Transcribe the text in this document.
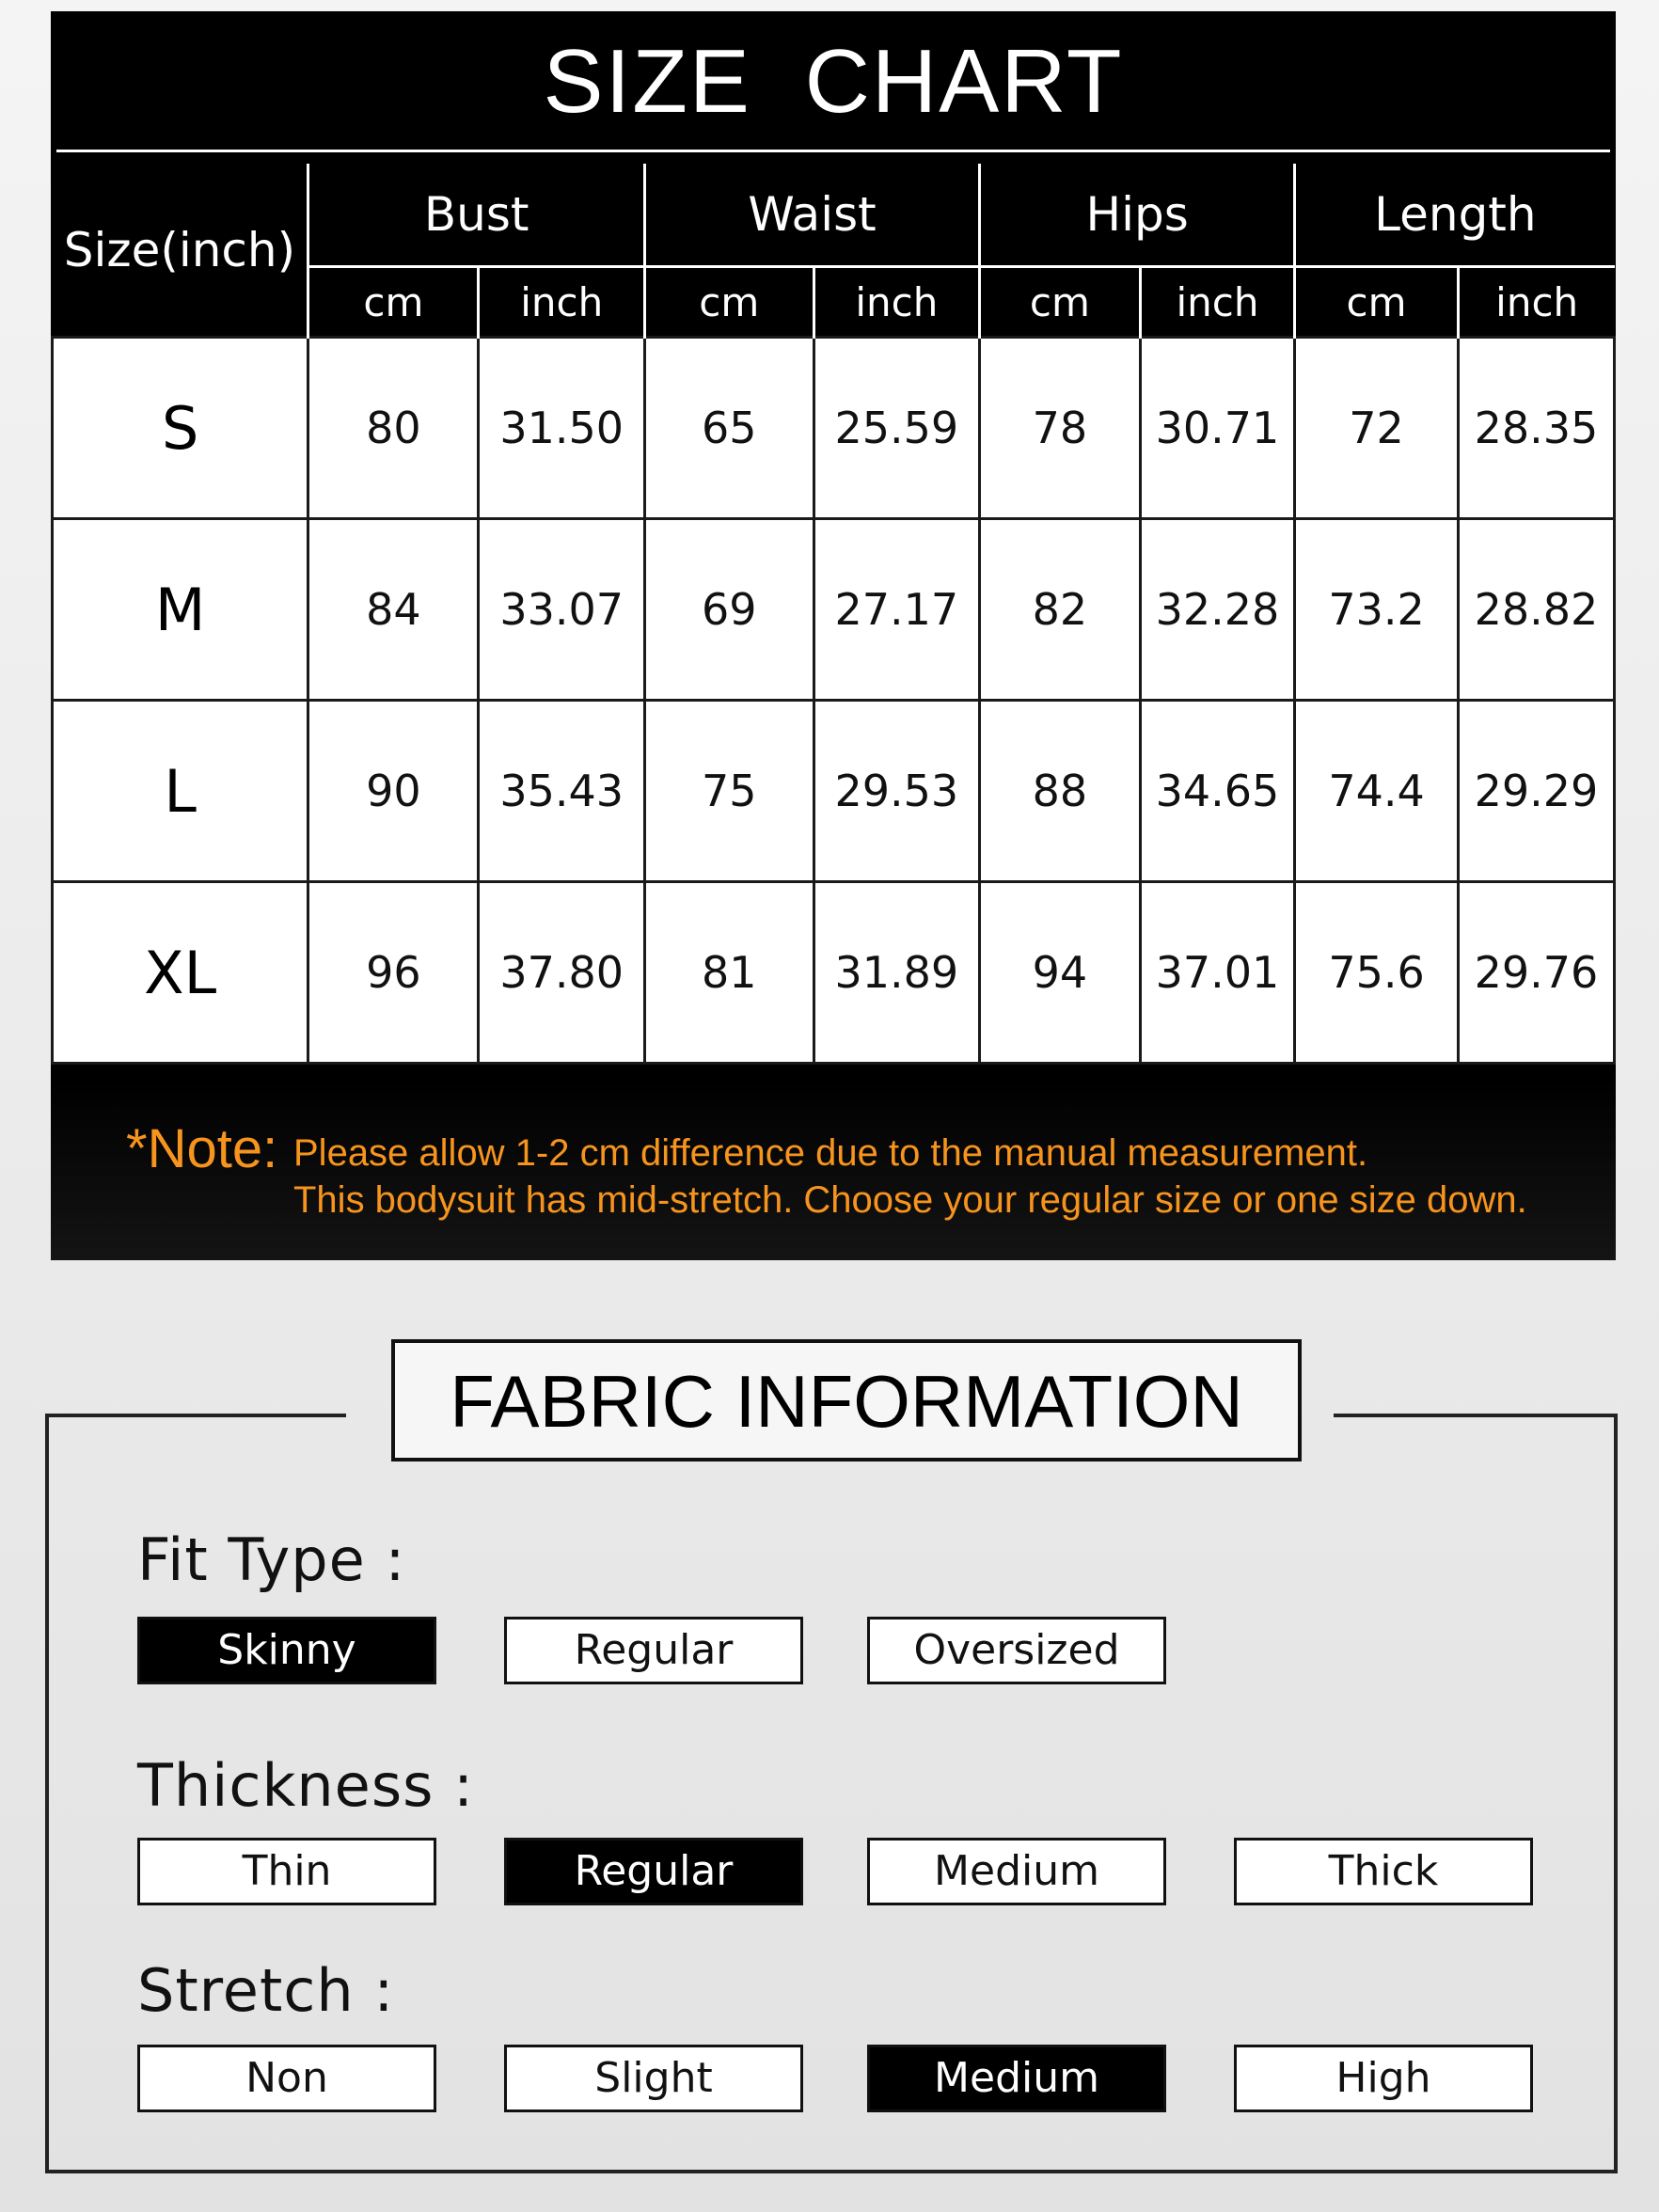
SIZE CHART
Size(inch)	Bust		Waist		Hips		Length	
	cm	inch	cm	inch	cm	inch	cm	inch
S	80	31.50	65	25.59	78	30.71	72	28.35
M	84	33.07	69	27.17	82	32.28	73.2	28.82
L	90	35.43	75	29.53	88	34.65	74.4	29.29
XL	96	37.80	81	31.89	94	37.01	75.6	29.76
*Note: Please allow 1-2 cm difference due to the manual measurement.
This bodysuit has mid-stretch. Choose your regular size or one size down.
FABRIC INFORMATION
Fit Type :
Skinny	Regular	Oversized
Thickness :
Thin	Regular	Medium	Thick
Stretch :
Non	Slight	Medium	High
